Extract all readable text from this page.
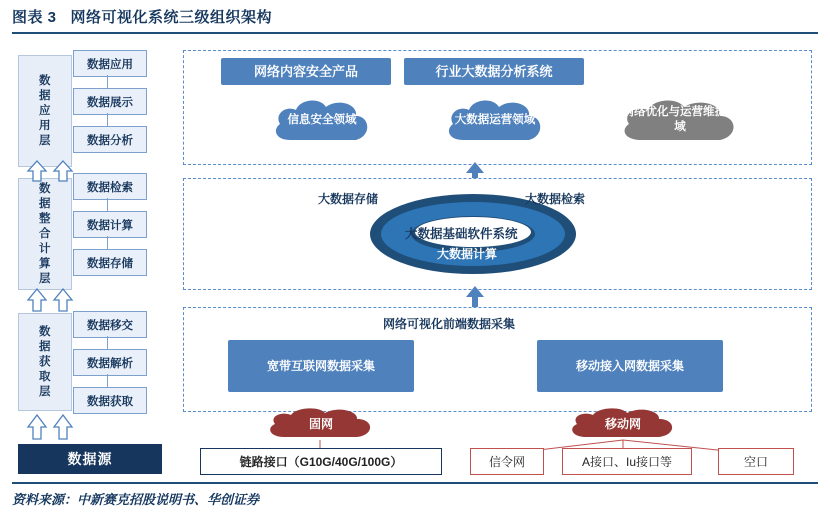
图表 3 网络可视化系统三级组织架构
资料来源：中新赛克招股说明书、华创证券
数据应用层
数据应用
数据展示
数据分析
网络内容安全产品	行业大数据分析系统
信息安全领域	大数据运营领域
网络优化与运营维护领域
数据整合计算层
数据检索
数据计算
数据存储
大数据基础软件系统
大数据存储	大数据检索
大数据计算
数据获取层
数据移交
数据解析
数据获取
网络可视化前端数据采集
宽带互联网数据采集	移动接入网数据采集
数据源
固网	移动网
链路接口（G10G/40G/100G）	信令网	A接口、Iu接口等	空口
